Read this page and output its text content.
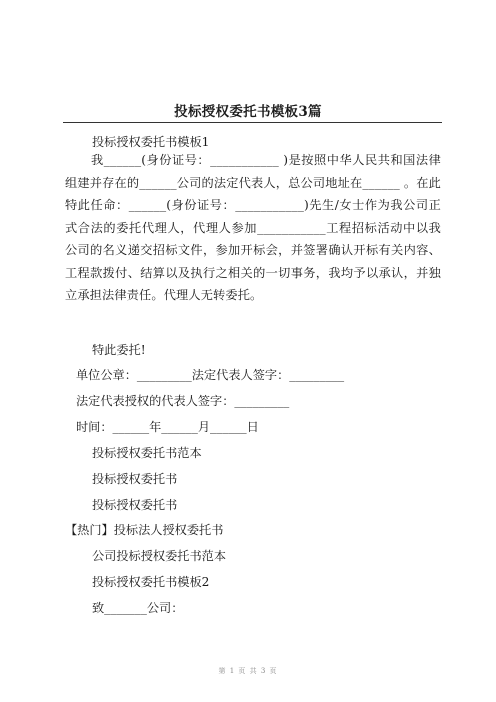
投标授权委托书模板3篇
投标授权委托书模板1
我______(身份证号：___________ )是按照中华人民共和国法律组建并存在的______公司的法定代表人，总公司地址在______ 。在此特此任命：______(身份证号：___________)先生/女士作为我公司正式合法的委托代理人，代理人参加___________工程招标活动中以我公司的名义递交招标文件，参加开标会，并签署确认开标有关内容、工程款拨付、结算以及执行之相关的一切事务，我均予以承认，并独立承担法律责任。代理人无转委托。
特此委托!
单位公章：_________法定代表人签字：_________
法定代表授权的代表人签字：_________
时间：______年______月______日
投标授权委托书范本
投标授权委托书
投标授权委托书
【热门】投标法人授权委托书
公司投标授权委托书范本
投标授权委托书模板2
致_______公司：
第 1 页 共 3 页
